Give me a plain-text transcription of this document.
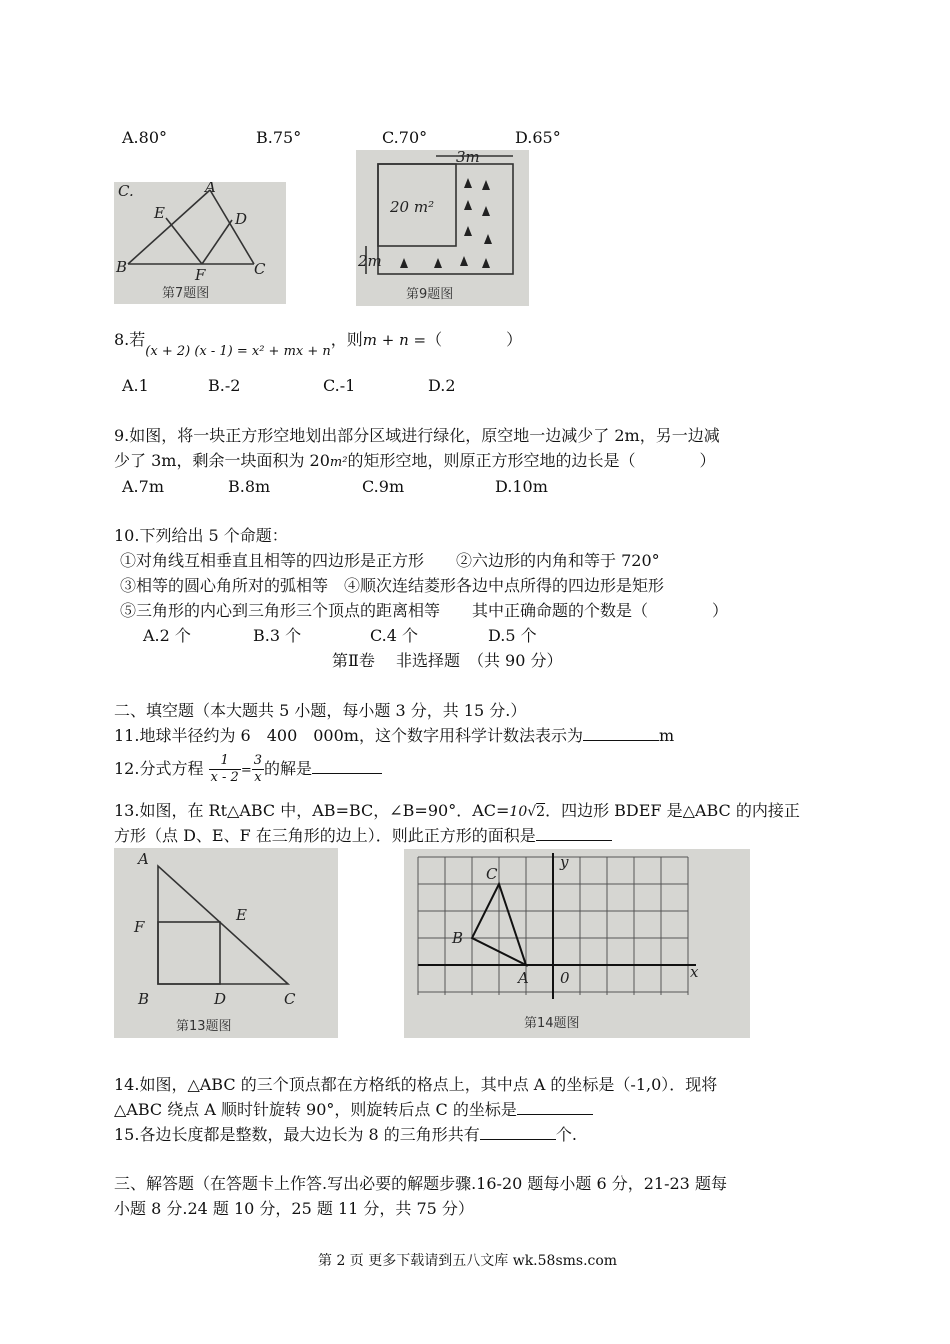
A.80°	B.75°	C.70°	D.65°
C.	A
E	D
B	F	C
第7题图
3m
20 m²
2m
第9题图
8.若$_{(x + 2) (x - 1) = x^2 + mx + n}$，则m + n =（　　　　）
A.1	B.-2	C.-1	D.2
9.如图，将一块正方形空地划出部分区域进行绿化，原空地一边减少了 2m，另一边减
少了 3m，剩余一块面积为 20m²的矩形空地，则原正方形空地的边长是（　　　　）
A.7m	B.8m	C.9m	D.10m
10.下列给出 5 个命题：
①对角线互相垂直且相等的四边形是正方形　　②六边形的内角和等于 720°
③相等的圆心角所对的弧相等　④顺次连结菱形各边中点所得的四边形是矩形
⑤三角形的内心到三角形三个顶点的距离相等　　其中正确命题的个数是（　　　　）
A.2 个	B.3 个	C.4 个	D.5 个
第Ⅱ卷　 非选择题　（共 90 分）
二、填空题（本大题共 5 小题，每小题 3 分，共 15 分.）
11.地球半径约为 6　400　000m，这个数字用科学计数法表示为	m
12.分式方程 $\frac{1}{x - 2} = \frac{3}{x}$ 的解是
13.如图，在 Rt△ABC 中，AB=BC，∠B=90°．AC=10√2．四边形 BDEF 是△ABC 的内接正
方形（点 D、E、F 在三角形的边上）．则此正方形的面积是
A
F
E
B	D	C
第13题图
C
B
A 0
y
x
第14题图
14.如图，△ABC 的三个顶点都在方格纸的格点上，其中点 A 的坐标是（-1,0）．现将
△ABC 绕点 A 顺时针旋转 90°，则旋转后点 C 的坐标是
15.各边长度都是整数，最大边长为 8 的三角形共有	个.
三、解答题（在答题卡上作答.写出必要的解题步骤.16-20 题每小题 6 分，21-23 题每
小题 8 分.24 题 10 分，25 题 11 分，共 75 分）
第 2 页 更多下载请到五八文库 wk.58sms.com
